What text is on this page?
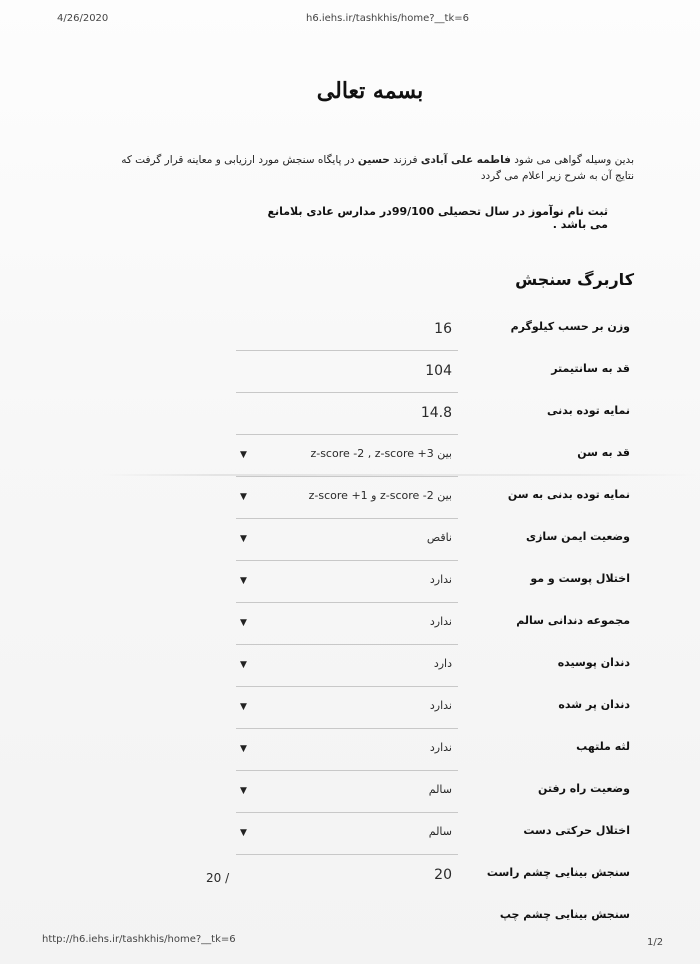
4/26/2020	h6.iehs.ir/tashkhis/home?__tk=6
بسمه تعالی
بدین وسیله گواهی می شود فاطمه علی آبادی فرزند حسین در پایگاه سنجش مورد ارزیابی و معاینه قرار گرفت که نتایج آن به شرح زیر اعلام می گردد
ثبت نام نوآموز در سال تحصیلی 99/100در مدارس عادی بلامانع می باشد .
کاربرگ سنجش
وزن بر حسب کیلوگرم
16
قد به سانتیمتر
104
نمایه توده بدنی
14.8
قد به سن
▼	بین z-score -2 , z-score +3
نمایه توده بدنی به سن
▼	بین z-score -2 و z-score +1
وضعیت ایمن سازی
▼	ناقص
اختلال پوست و مو
▼	ندارد
مجموعه دندانی سالم
▼	ندارد
دندان پوسیده
▼	دارد
دندان پر شده
▼	ندارد
لثه ملتهب
▼	ندارد
وضعیت راه رفتن
▼	سالم
اختلال حرکتی دست
▼	سالم
سنجش بینایی چشم راست
20 /	20
سنجش بینایی چشم چپ
http://h6.iehs.ir/tashkhis/home?__tk=6	1/2
